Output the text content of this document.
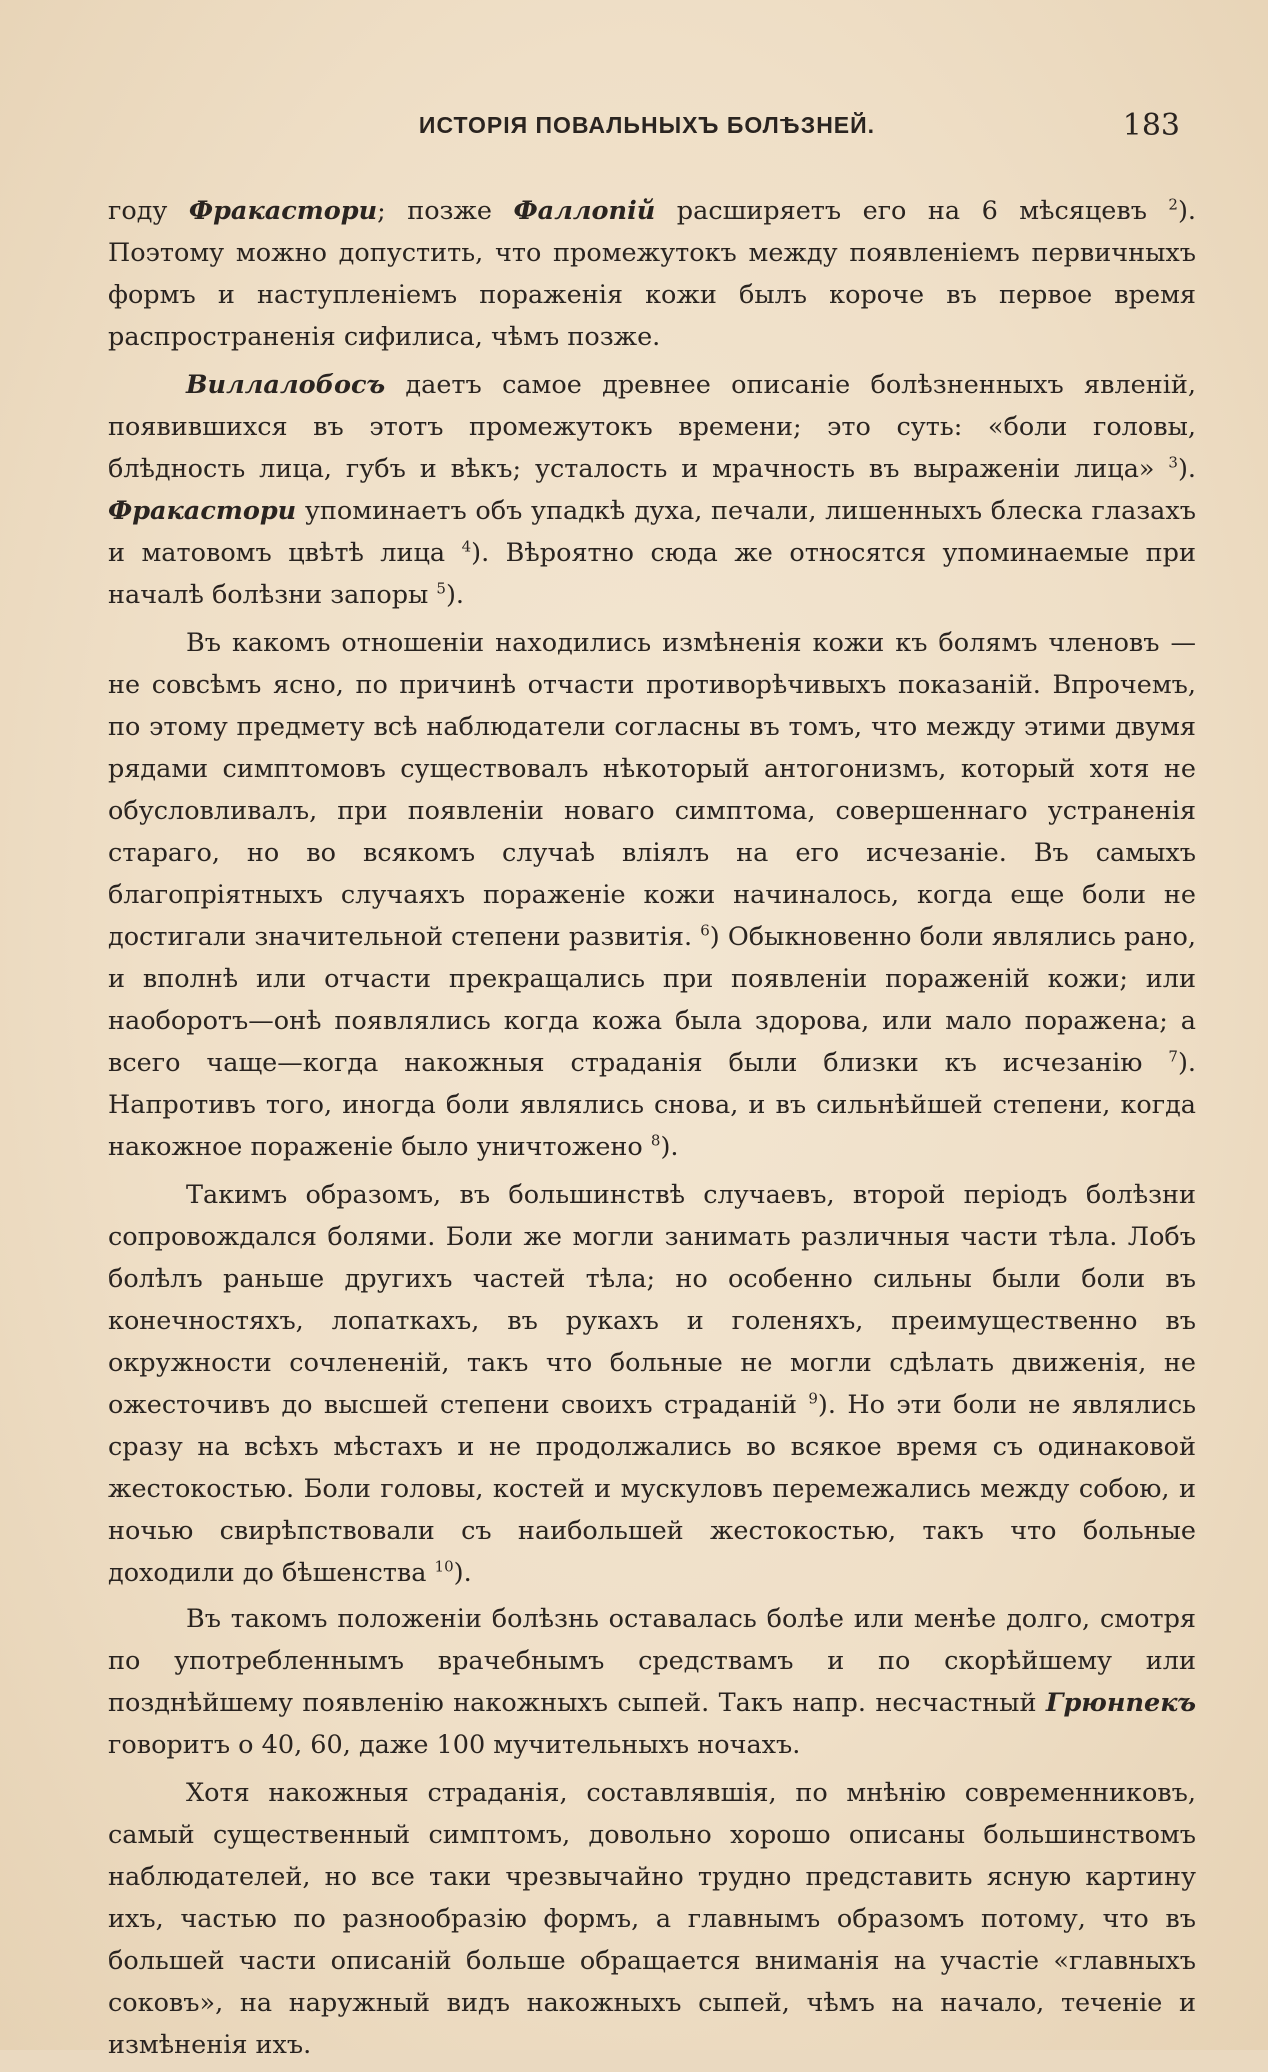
ИСТОРІЯ ПОВАЛЬНЫХЪ БОЛѢЗНЕЙ.	183

году Фракастори; позже Фаллопій расширяетъ его на 6 мѣсяцевъ $^2$). Поэтому можно допустить, что промежутокъ между появленіемъ первичныхъ формъ и наступленіемъ пораженія кожи былъ короче въ первое время распространенія сифилиса, чѣмъ позже.

Виллалобосъ даетъ самое древнее описаніе болѣзненныхъ явленій, появившихся въ этотъ промежутокъ времени; это суть: «боли головы, блѣдность лица, губъ и вѣкъ; усталость и мрачность въ выраженіи лица» $^3$). Фракастори упоминаетъ объ упадкѣ духа, печали, лишенныхъ блеска глазахъ и матовомъ цвѣтѣ лица $^4$). Вѣроятно сюда же относятся упоминаемые при началѣ болѣзни запоры $^5$).

Въ какомъ отношеніи находились измѣненія кожи къ болямъ членовъ — не совсѣмъ ясно, по причинѣ отчасти противорѣчивыхъ показаній. Впрочемъ, по этому предмету всѣ наблюдатели согласны въ томъ, что между этими двумя рядами симптомовъ существовалъ нѣкоторый антогонизмъ, который хотя не обусловливалъ, при появленіи новаго симптома, совершеннаго устраненія стараго, но во всякомъ случаѣ вліялъ на его исчезаніе. Въ самыхъ благопріятныхъ случаяхъ пораженіе кожи начиналось, когда еще боли не достигали значительной степени развитія. $^6$) Обыкновенно боли являлись рано, и вполнѣ или отчасти прекращались при появленіи пораженій кожи; или наоборотъ—онѣ появлялись когда кожа была здорова, или мало поражена; а всего чаще—когда накожныя страданія были близки къ исчезанію $^7$). Напротивъ того, иногда боли являлись снова, и въ сильнѣйшей степени, когда накожное пораженіе было уничтожено $^8$).

Такимъ образомъ, въ большинствѣ случаевъ, второй періодъ болѣзни сопровождался болями. Боли же могли занимать различныя части тѣла. Лобъ болѣлъ раньше другихъ частей тѣла; но особенно сильны были боли въ конечностяхъ, лопаткахъ, въ рукахъ и голеняхъ, преимущественно въ окружности сочлененій, такъ что больные не могли сдѣлать движенія, не ожесточивъ до высшей степени своихъ страданій $^9$). Но эти боли не являлись сразу на всѣхъ мѣстахъ и не продолжались во всякое время съ одинаковой жестокостью. Боли головы, костей и мускуловъ перемежались между собою, и ночью свирѣпствовали съ наибольшей жестокостью, такъ что больные доходили до бѣшенства $^{10}$).

Въ такомъ положеніи болѣзнь оставалась болѣе или менѣе долго, смотря по употребленнымъ врачебнымъ средствамъ и по скорѣйшему или позднѣйшему появленію накожныхъ сыпей. Такъ напр. несчастный Грюнпекъ говоритъ о 40, 60, даже 100 мучительныхъ ночахъ.

Хотя накожныя страданія, составлявшія, по мнѣнію современниковъ, самый существенный симптомъ, довольно хорошо описаны большинствомъ наблюдателей, но все таки чрезвычайно трудно представить ясную картину ихъ, частью по разнообразію формъ, а главнымъ образомъ потому, что въ большей части описаній больше обращается вниманія на участіе «главныхъ соковъ», на наружный видъ накожныхъ сыпей, чѣмъ на начало, теченіе и измѣненія ихъ.
